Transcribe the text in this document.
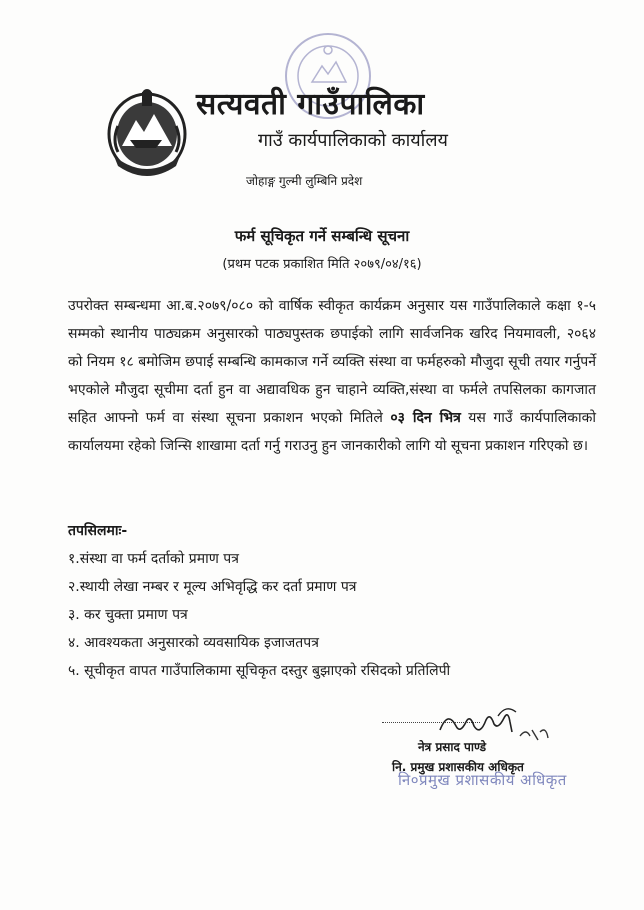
सत्यवती गाउँपालिका
गाउँ कार्यपालिकाको कार्यालय
जोहाङ्ग गुल्मी लुम्बिनि प्रदेश
फर्म सूचिकृत गर्ने सम्बन्धि सूचना
(प्रथम पटक प्रकाशित मिति २०७९/०४/१६)
उपरोक्त सम्बन्धमा आ.ब.२०७९/०८० को वार्षिक स्वीकृत कार्यक्रम अनुसार यस गाउँपालिकाले कक्षा १-५ सम्मको स्थानीय पाठ्यक्रम अनुसारको पाठ्यपुस्तक छपाईको लागि सार्वजनिक खरिद नियमावली, २०६४ को नियम १८ बमोजिम छपाई सम्बन्धि कामकाज गर्ने व्यक्ति संस्था वा फर्महरुको मौजुदा सूची तयार गर्नुपर्ने भएकोले मौजुदा सूचीमा दर्ता हुन वा अद्यावधिक हुन चाहाने व्यक्ति,संस्था वा फर्मले तपसिलका कागजात सहित आफ्नो फर्म वा संस्था सूचना प्रकाशन भएको मितिले ०३ दिन भित्र यस गाउँ कार्यपालिकाको कार्यालयमा रहेको जिन्सि शाखामा दर्ता गर्नु गराउनु हुन जानकारीको लागि यो सूचना प्रकाशन गरिएको छ।
तपसिलमाः-
१.संस्था वा फर्म दर्ताको प्रमाण पत्र
२.स्थायी लेखा नम्बर र मूल्य अभिवृद्धि कर दर्ता प्रमाण पत्र
३. कर चुक्ता प्रमाण पत्र
४. आवश्यकता अनुसारको व्यवसायिक इजाजतपत्र
५. सूचीकृत वापत गाउँपालिकामा सूचिकृत दस्तुर बुझाएको रसिदको प्रतिलिपी
नेत्र प्रसाद पाण्डे
नि. प्रमुख प्रशासकीय अधिकृत
नि०प्रमुख प्रशासकीय अधिकृत
